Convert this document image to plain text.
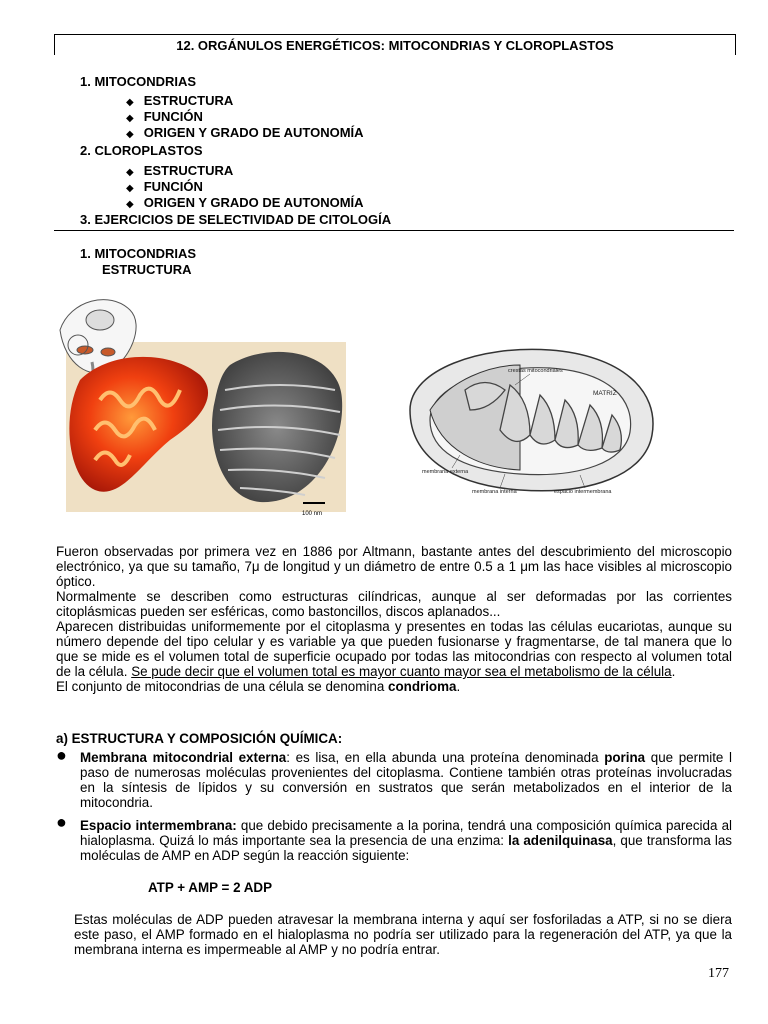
12. ORGÁNULOS ENERGÉTICOS: MITOCONDRIAS Y CLOROPLASTOS
1. MITOCONDRIAS
◆ ESTRUCTURA
◆ FUNCIÓN
◆ ORIGEN Y GRADO DE AUTONOMÍA
2. CLOROPLASTOS
◆ ESTRUCTURA
◆ FUNCIÓN
◆ ORIGEN Y GRADO DE AUTONOMÍA
3. EJERCICIOS DE SELECTIVIDAD DE CITOLOGÍA
1. MITOCONDRIAS
ESTRUCTURA
100 nm
crestas mitocondriales
MATRIZ
membrana externa
membrana interna	espacio intermembrana
Fueron observadas por primera vez en 1886 por Altmann, bastante antes del descubrimiento del microscopio electrónico, ya que su tamaño, 7μ de longitud y un diámetro de entre 0.5 a 1 μm las hace visibles al microscopio óptico.
Normalmente se describen como estructuras cilíndricas, aunque al ser deformadas por las corrientes citoplásmicas pueden ser esféricas, como bastoncillos, discos aplanados...
Aparecen distribuidas uniformemente por el citoplasma y presentes en todas las células eucariotas, aunque su número depende del tipo celular y es variable ya que pueden fusionarse y fragmentarse, de tal manera que lo que se mide es el volumen total de superficie ocupado por todas las mitocondrias con respecto al volumen total de la célula. Se pude decir que el volumen total es mayor cuanto mayor sea el metabolismo de la célula.
El conjunto de mitocondrias de una célula se denomina condrioma.
a) ESTRUCTURA Y COMPOSICIÓN QUÍMICA:
● Membrana mitocondrial externa: es lisa, en ella abunda una proteína denominada porina que permite l paso de numerosas moléculas provenientes del citoplasma. Contiene también otras proteínas involucradas en la síntesis de lípidos y su conversión en sustratos que serán metabolizados en el interior de la mitocondria.
● Espacio intermembrana: que debido precisamente a la porina, tendrá una composición química parecida al hialoplasma. Quizá lo más importante sea la presencia de una enzima: la adenilquinasa, que transforma las moléculas de AMP en ADP según la reacción siguiente:
ATP + AMP = 2 ADP
Estas moléculas de ADP pueden atravesar la membrana interna y aquí ser fosforiladas a ATP, si no se diera este paso, el AMP formado en el hialoplasma no podría ser utilizado para la regeneración del ATP, ya que la membrana interna es impermeable al AMP y no podría entrar.
177
